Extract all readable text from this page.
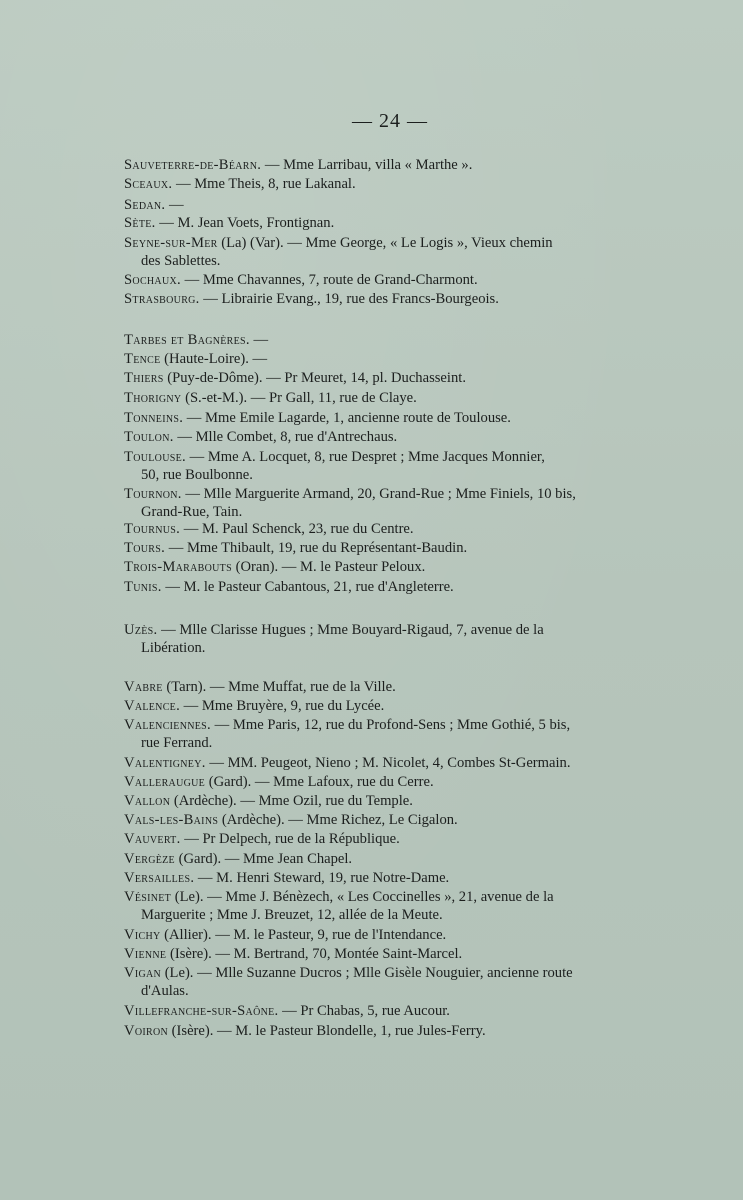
— 24 —
Sauveterre-de-Béarn. — Mme Larribau, villa « Marthe ».
Sceaux. — Mme Theis, 8, rue Lakanal.
Sedan. —
Sète. — M. Jean Voets, Frontignan.
Seyne-sur-Mer (La) (Var). — Mme George, « Le Logis », Vieux chemin
des Sablettes.
Sochaux. — Mme Chavannes, 7, route de Grand-Charmont.
Strasbourg. — Librairie Evang., 19, rue des Francs-Bourgeois.
Tarbes et Bagnères. —
Tence (Haute-Loire). —
Thiers (Puy-de-Dôme). — Pr Meuret, 14, pl. Duchasseint.
Thorigny (S.-et-M.). — Pr Gall, 11, rue de Claye.
Tonneins. — Mme Emile Lagarde, 1, ancienne route de Toulouse.
Toulon. — Mlle Combet, 8, rue d'Antrechaus.
Toulouse. — Mme A. Locquet, 8, rue Despret ; Mme Jacques Monnier,
50, rue Boulbonne.
Tournon. — Mlle Marguerite Armand, 20, Grand-Rue ; Mme Finiels, 10 bis,
Grand-Rue, Tain.
Tournus. — M. Paul Schenck, 23, rue du Centre.
Tours. — Mme Thibault, 19, rue du Représentant-Baudin.
Trois-Marabouts (Oran). — M. le Pasteur Peloux.
Tunis. — M. le Pasteur Cabantous, 21, rue d'Angleterre.
Uzès. — Mlle Clarisse Hugues ; Mme Bouyard-Rigaud, 7, avenue de la
Libération.
Vabre (Tarn). — Mme Muffat, rue de la Ville.
Valence. — Mme Bruyère, 9, rue du Lycée.
Valenciennes. — Mme Paris, 12, rue du Profond-Sens ; Mme Gothié, 5 bis,
rue Ferrand.
Valentigney. — MM. Peugeot, Nieno ; M. Nicolet, 4, Combes St-Germain.
Valleraugue (Gard). — Mme Lafoux, rue du Cerre.
Vallon (Ardèche). — Mme Ozil, rue du Temple.
Vals-les-Bains (Ardèche). — Mme Richez, Le Cigalon.
Vauvert. — Pr Delpech, rue de la République.
Vergèze (Gard). — Mme Jean Chapel.
Versailles. — M. Henri Steward, 19, rue Notre-Dame.
Vésinet (Le). — Mme J. Bénèzech, « Les Coccinelles », 21, avenue de la
Marguerite ; Mme J. Breuzet, 12, allée de la Meute.
Vichy (Allier). — M. le Pasteur, 9, rue de l'Intendance.
Vienne (Isère). — M. Bertrand, 70, Montée Saint-Marcel.
Vigan (Le). — Mlle Suzanne Ducros ; Mlle Gisèle Nouguier, ancienne route
d'Aulas.
Villefranche-sur-Saône. — Pr Chabas, 5, rue Aucour.
Voiron (Isère). — M. le Pasteur Blondelle, 1, rue Jules-Ferry.
